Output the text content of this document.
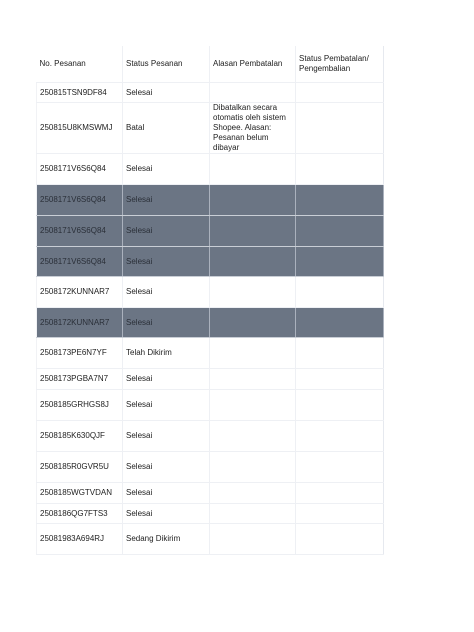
No. Pesanan	Status Pesanan	Alasan Pembatalan	Status Pembatalan/ Pengembalian
250815TSN9DF84	Selesai		
250815U8KMSWMJ	Batal	Dibatalkan secara otomatis oleh sistem Shopee. Alasan: Pesanan belum dibayar	
2508171V6S6Q84	Selesai		
2508171V6S6Q84	Selesai		
2508171V6S6Q84	Selesai		
2508171V6S6Q84	Selesai		
2508172KUNNAR7	Selesai		
2508172KUNNAR7	Selesai		
2508173PE6N7YF	Telah Dikirim		
2508173PGBA7N7	Selesai		
2508185GRHGS8J	Selesai		
2508185K630QJF	Selesai		
2508185R0GVR5U	Selesai		
2508185WGTVDAN	Selesai		
2508186QG7FTS3	Selesai		
25081983A694RJ	Sedang Dikirim		
